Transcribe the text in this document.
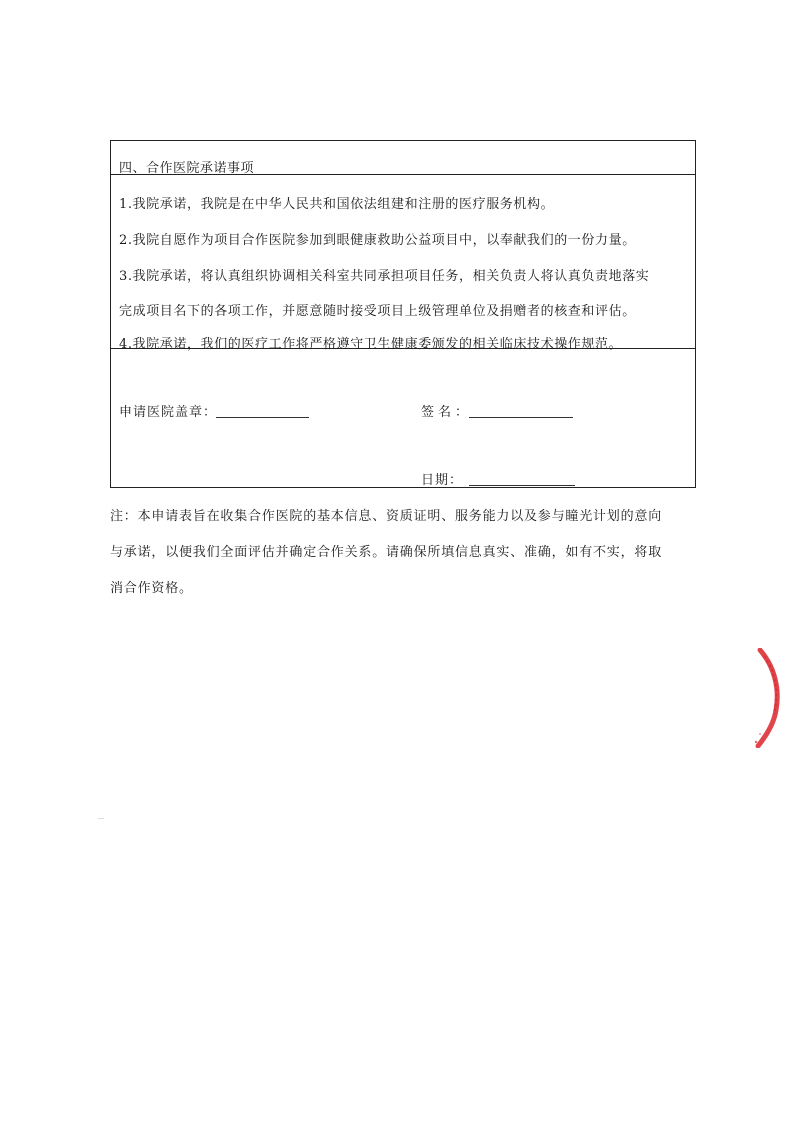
四、合作医院承诺事项
1.我院承诺，我院是在中华人民共和国依法组建和注册的医疗服务机构。
2.我院自愿作为项目合作医院参加到眼健康救助公益项目中，以奉献我们的一份力量。
3.我院承诺，将认真组织协调相关科室共同承担项目任务，相关负责人将认真负责地落实
完成项目名下的各项工作，并愿意随时接受项目上级管理单位及捐赠者的核查和评估。
4.我院承诺，我们的医疗工作将严格遵守卫生健康委颁发的相关临床技术操作规范。
申请医院盖章：	签名：
日期：
注：本申请表旨在收集合作医院的基本信息、资质证明、服务能力以及参与瞳光计划的意向
与承诺，以便我们全面评估并确定合作关系。请确保所填信息真实、准确，如有不实，将取
消合作资格。
